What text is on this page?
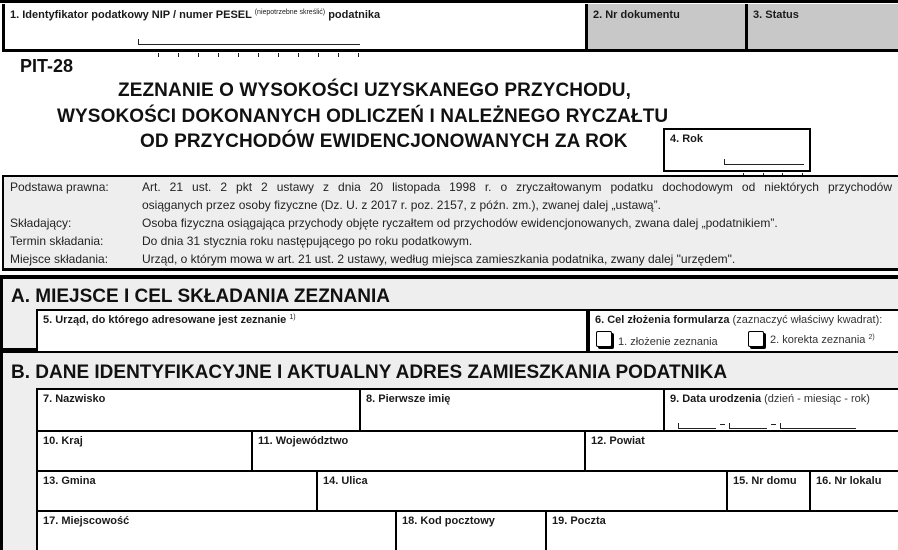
1. Identyfikator podatkowy NIP / numer PESEL $^{(niepotrzebne skreślić)}$ podatnika	2. Nr dokumentu	3. Status
PIT-28
ZEZNANIE O WYSOKOŚCI UZYSKANEGO PRZYCHODU,
WYSOKOŚCI DOKONANYCH ODLICZEŃ I NALEŻNEGO RYCZAŁTU
OD PRZYCHODÓW EWIDENCJONOWANYCH ZA ROK	4. Rok
Podstawa prawna:	Art. 21 ust. 2 pkt 2 ustawy z dnia 20 listopada 1998 r. o zryczałtowanym podatku dochodowym od niektórych przychodów
osiąganych przez osoby fizyczne (Dz. U. z 2017 r. poz. 2157, z późn. zm.), zwanej dalej „ustawą”.
Składający:	Osoba fizyczna osiągająca przychody objęte ryczałtem od przychodów ewidencjonowanych, zwana dalej „podatnikiem”.
Termin składania:	Do dnia 31 stycznia roku następującego po roku podatkowym.
Miejsce składania:	Urząd, o którym mowa w art. 21 ust. 2 ustawy, według miejsca zamieszkania podatnika, zwany dalej "urzędem".
A. MIEJSCE I CEL SKŁADANIA ZEZNANIA
5. Urząd, do którego adresowane jest zeznanie $^{1)}$	6. Cel złożenia formularza (zaznaczyć właściwy kwadrat):
1. złożenie zeznania	2. korekta zeznania $^{2)}$
B. DANE IDENTYFIKACYJNE I AKTUALNY ADRES ZAMIESZKANIA PODATNIKA
7. Nazwisko	8. Pierwsze imię	9. Data urodzenia (dzień - miesiąc - rok)
10. Kraj	11. Województwo	12. Powiat
13. Gmina	14. Ulica	15. Nr domu 16. Nr lokalu
17. Miejscowość	18. Kod pocztowy	19. Poczta
